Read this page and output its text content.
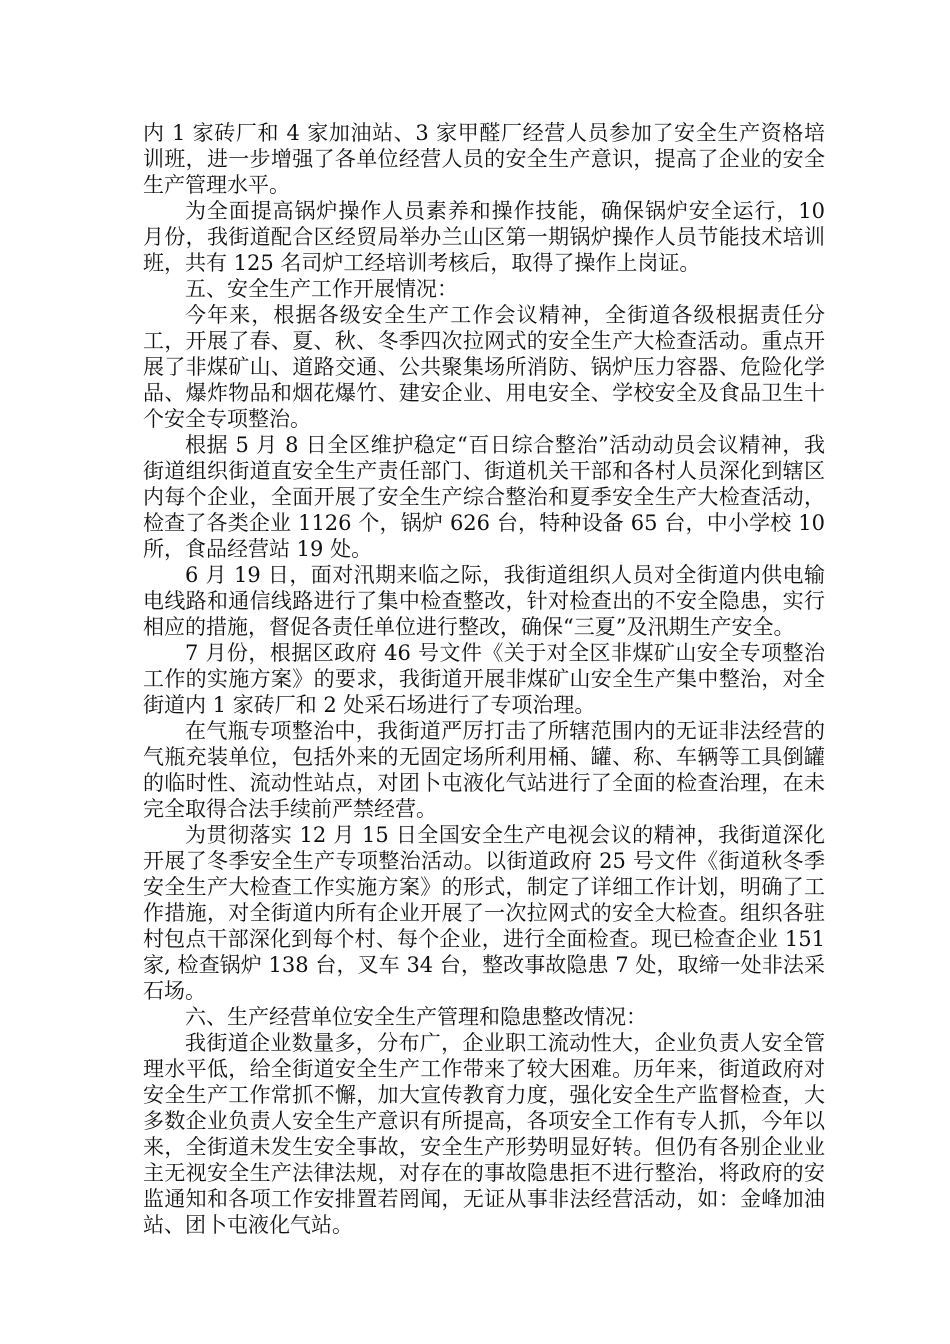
内 1 家砖厂和 4 家加油站、3 家甲醛厂经营人员参加了安全生产资格培训班，进一步增强了各单位经营人员的安全生产意识，提高了企业的安全生产管理水平。

为全面提高锅炉操作人员素养和操作技能，确保锅炉安全运行，10 月份，我街道配合区经贸局举办兰山区第一期锅炉操作人员节能技术培训班，共有 125 名司炉工经培训考核后，取得了操作上岗证。

五、安全生产工作开展情况：

今年来，根据各级安全生产工作会议精神，全街道各级根据责任分工，开展了春、夏、秋、冬季四次拉网式的安全生产大检查活动。重点开展了非煤矿山、道路交通、公共聚集场所消防、锅炉压力容器、危险化学品、爆炸物品和烟花爆竹、建安企业、用电安全、学校安全及食品卫生十个安全专项整治。

根据 5 月 8 日全区维护稳定“百日综合整治”活动动员会议精神，我街道组织街道直安全生产责任部门、街道机关干部和各村人员深化到辖区内每个企业，全面开展了安全生产综合整治和夏季安全生产大检查活动，检查了各类企业 1126 个，锅炉 626 台，特种设备 65 台，中小学校 10 所，食品经营站 19 处。

6 月 19 日，面对汛期来临之际，我街道组织人员对全街道内供电输电线路和通信线路进行了集中检查整改，针对检查出的不安全隐患，实行相应的措施，督促各责任单位进行整改，确保“三夏”及汛期生产安全。

7 月份，根据区政府 46 号文件《关于对全区非煤矿山安全专项整治工作的实施方案》的要求，我街道开展非煤矿山安全生产集中整治，对全街道内 1 家砖厂和 2 处采石场进行了专项治理。

在气瓶专项整治中，我街道严厉打击了所辖范围内的无证非法经营的气瓶充装单位，包括外来的无固定场所利用桶、罐、称、车辆等工具倒罐的临时性、流动性站点，对团卜屯液化气站进行了全面的检查治理，在未完全取得合法手续前严禁经营。

为贯彻落实 12 月 15 日全国安全生产电视会议的精神，我街道深化开展了冬季安全生产专项整治活动。以街道政府 25 号文件《街道秋冬季安全生产大检查工作实施方案》的形式，制定了详细工作计划，明确了工作措施，对全街道内所有企业开展了一次拉网式的安全大检查。组织各驻村包点干部深化到每个村、每个企业，进行全面检查。现已检查企业 151 家, 检查锅炉 138 台，叉车 34 台，整改事故隐患 7 处，取缔一处非法采石场。

六、生产经营单位安全生产管理和隐患整改情况：

我街道企业数量多，分布广，企业职工流动性大，企业负责人安全管理水平低，给全街道安全生产工作带来了较大困难。历年来，街道政府对安全生产工作常抓不懈，加大宣传教育力度，强化安全生产监督检查，大多数企业负责人安全生产意识有所提高，各项安全工作有专人抓，今年以来，全街道未发生安全事故，安全生产形势明显好转。但仍有各别企业业主无视安全生产法律法规，对存在的事故隐患拒不进行整治，将政府的安监通知和各项工作安排置若罔闻，无证从事非法经营活动，如：金峰加油站、团卜屯液化气站。
